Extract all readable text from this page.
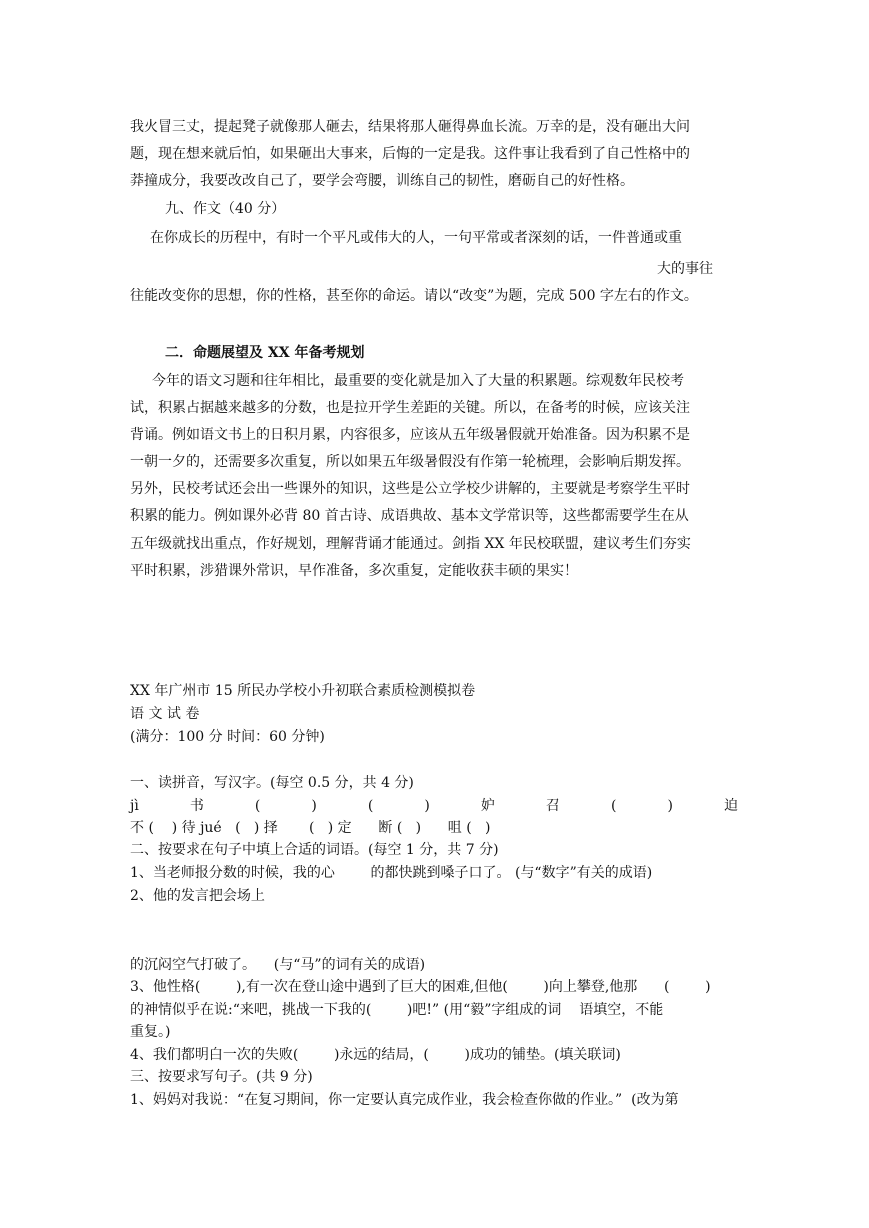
我火冒三丈，提起凳子就像那人砸去，结果将那人砸得鼻血长流。万幸的是，没有砸出大问
题，现在想来就后怕，如果砸出大事来，后悔的一定是我。这件事让我看到了自己性格中的
莽撞成分，我要改改自己了，要学会弯腰，训练自己的韧性，磨砺自己的好性格。
九、作文（40 分）
在你成长的历程中，有时一个平凡或伟大的人，一句平常或者深刻的话，一件普通或重
大的事往
往能改变你的思想，你的性格，甚至你的命运。请以“改变”为题，完成 500 字左右的作文。
二．命题展望及 XX 年备考规划
今年的语文习题和往年相比，最重要的变化就是加入了大量的积累题。综观数年民校考
试，积累占据越来越多的分数，也是拉开学生差距的关键。所以，在备考的时候，应该关注
背诵。例如语文书上的日积月累，内容很多，应该从五年级暑假就开始准备。因为积累不是
一朝一夕的，还需要多次重复，所以如果五年级暑假没有作第一轮梳理，会影响后期发挥。
另外，民校考试还会出一些课外的知识，这些是公立学校少讲解的，主要就是考察学生平时
积累的能力。例如课外必背 80 首古诗、成语典故、基本文学常识等，这些都需要学生在从
五年级就找出重点，作好规划，理解背诵才能通过。剑指 XX 年民校联盟，建议考生们夯实
平时积累，涉猎课外常识，早作准备，多次重复，定能收获丰硕的果实！
XX 年广州市 15 所民办学校小升初联合素质检测模拟卷
语 文 试 卷
(满分：100 分 时间：60 分钟)
一、读拼音，写汉字。(每空 0.5 分，共 4 分)
jì	书	(	)	(	)	妒	召	(	)	迫
不 (    ) 待 jué   (   ) 择       (   ) 定      断 (   )      咀 (   )
二、按要求在句子中填上合适的词语。(每空 1 分，共 7 分)
1、当老师报分数的时候，我的心        的都快跳到嗓子口了。 (与“数字”有关的成语)
2、他的发言把会场上
的沉闷空气打破了。    (与“马”的词有关的成语)
3、他性格(        ),有一次在登山途中遇到了巨大的困难,但他(        )向上攀登,他那      (        )
的神情似乎在说:“来吧，挑战一下我的(        )吧!” (用“毅”字组成的词    语填空，不能
重复。)
4、我们都明白一次的失败(        )永远的结局，(        )成功的铺垫。(填关联词)
三、按要求写句子。(共 9 分)
1、妈妈对我说：“在复习期间，你一定要认真完成作业，我会检查你做的作业。”  (改为第
